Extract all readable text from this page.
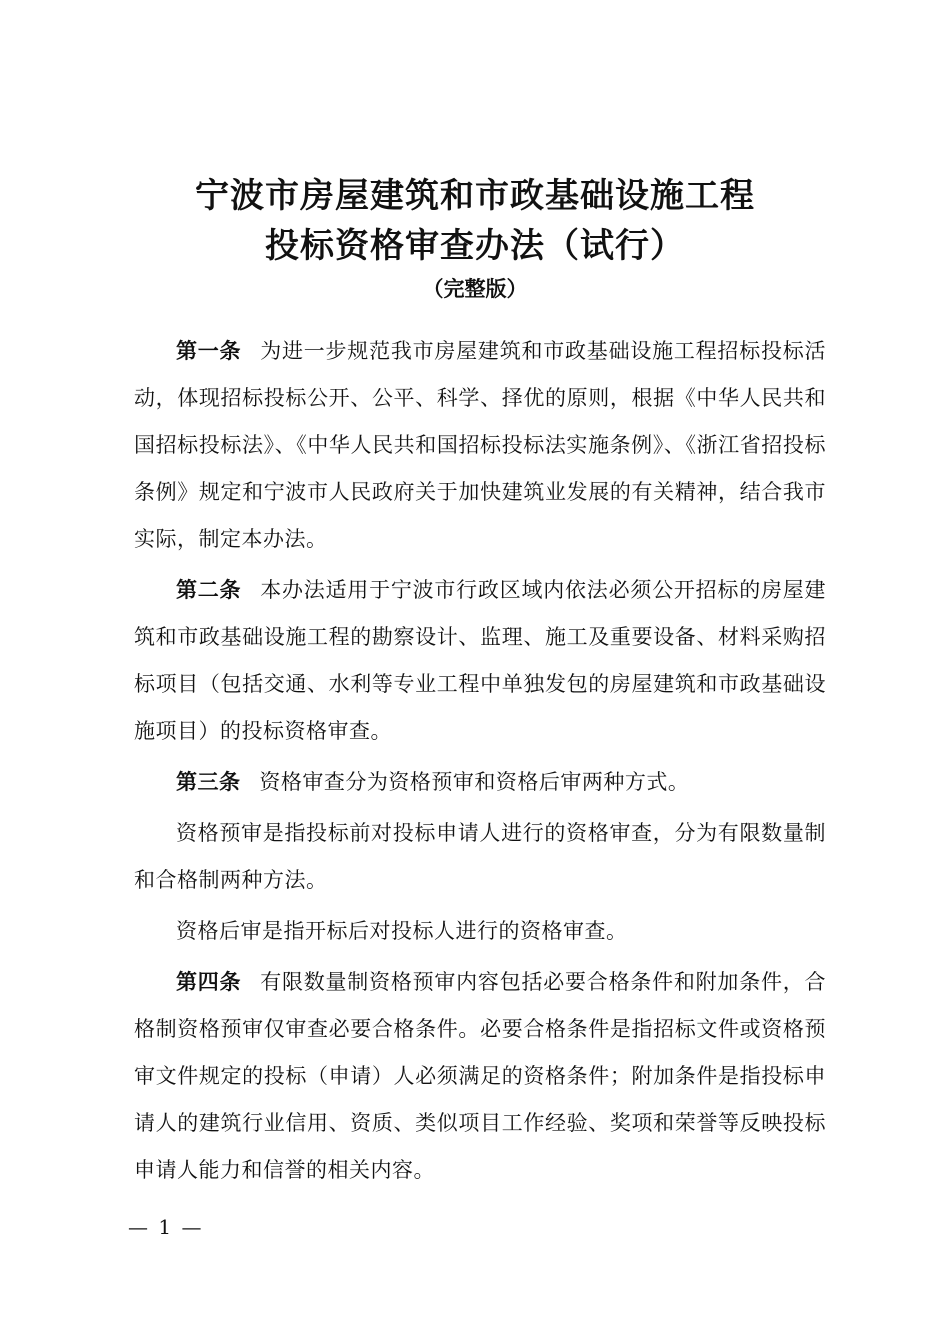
宁波市房屋建筑和市政基础设施工程
投标资格审查办法（试行）
（完整版）

第一条 为进一步规范我市房屋建筑和市政基础设施工程招标投标活动，体现招标投标公开、公平、科学、择优的原则，根据《中华人民共和国招标投标法》、《中华人民共和国招标投标法实施条例》、《浙江省招投标条例》规定和宁波市人民政府关于加快建筑业发展的有关精神，结合我市实际，制定本办法。

第二条 本办法适用于宁波市行政区域内依法必须公开招标的房屋建筑和市政基础设施工程的勘察设计、监理、施工及重要设备、材料采购招标项目（包括交通、水利等专业工程中单独发包的房屋建筑和市政基础设施项目）的投标资格审查。

第三条 资格审查分为资格预审和资格后审两种方式。

资格预审是指投标前对投标申请人进行的资格审查，分为有限数量制和合格制两种方法。

资格后审是指开标后对投标人进行的资格审查。

第四条 有限数量制资格预审内容包括必要合格条件和附加条件，合格制资格预审仅审查必要合格条件。必要合格条件是指招标文件或资格预审文件规定的投标（申请）人必须满足的资格条件；附加条件是指投标申请人的建筑行业信用、资质、类似项目工作经验、奖项和荣誉等反映投标申请人能力和信誉的相关内容。

— 1 —
